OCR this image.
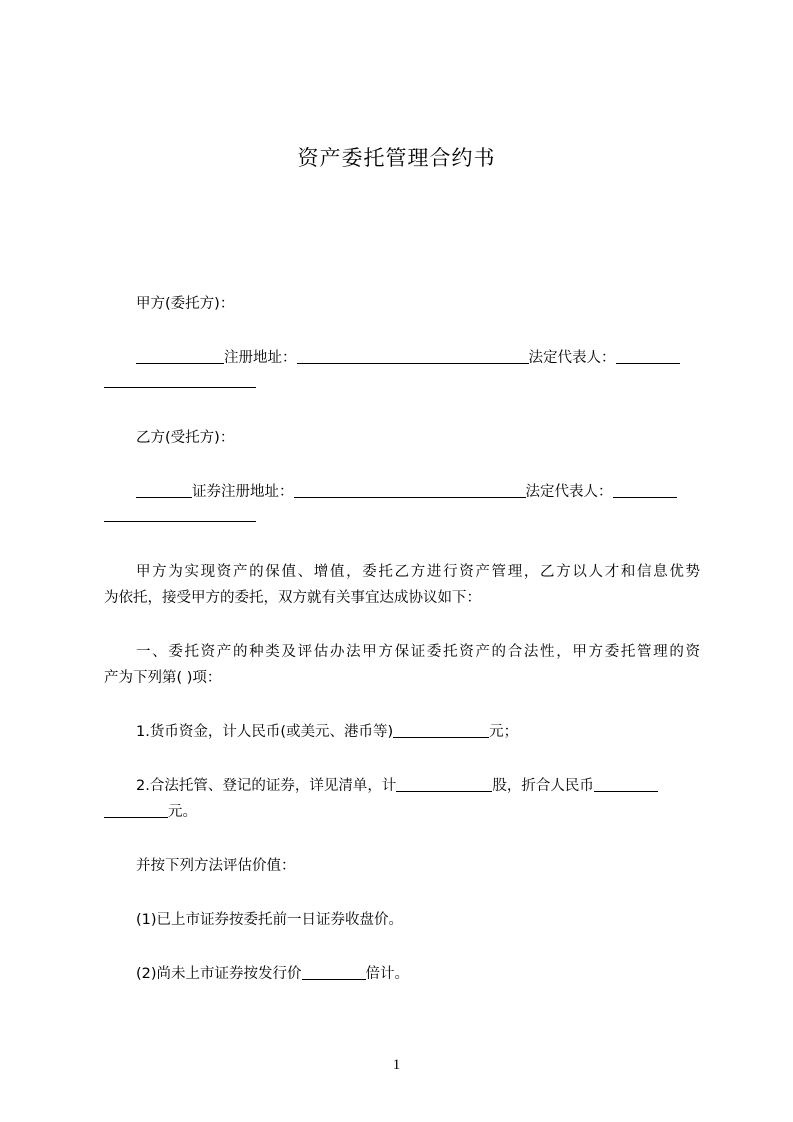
资产委托管理合约书
甲方(委托方)：
注册地址：	法定代表人：
乙方(受托方)：
证券注册地址：	法定代表人：
甲方为实现资产的保值、增值，委托乙方进行资产管理，乙方以人才和信息优势
为依托，接受甲方的委托，双方就有关事宜达成协议如下：
一、委托资产的种类及评估办法甲方保证委托资产的合法性，甲方委托管理的资
产为下列第( )项：
1.货币资金，计人民币(或美元、港币等)	元；
2.合法托管、登记的证券，详见清单，计	股，折合人民币
元。
并按下列方法评估价值：
(1)已上市证券按委托前一日证券收盘价。
(2)尚未上市证券按发行价	倍计。
1
